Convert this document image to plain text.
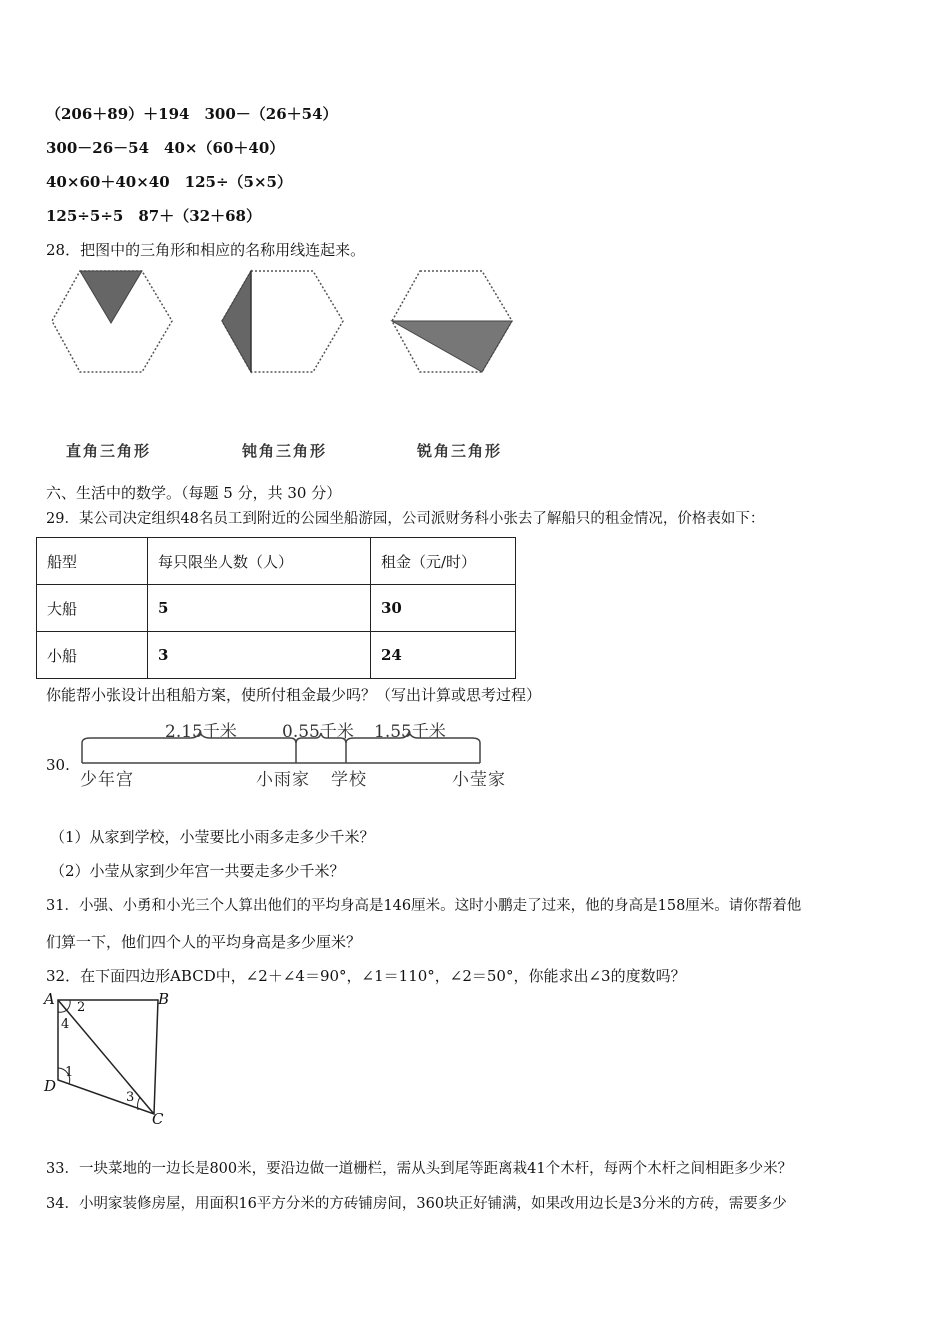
（206＋89）＋194　300－（26＋54）
300－26－54　40×（60＋40）
40×60＋40×40　125÷（5×5）
125÷5÷5　87＋（32＋68）
28．把图中的三角形和相应的名称用线连起来。
直角三角形	钝角三角形	锐角三角形
六、生活中的数学。（每题 5 分，共 30 分）
29．某公司决定组织48名员工到附近的公园坐船游园，公司派财务科小张去了解船只的租金情况，价格表如下：
船型	每只限坐人数（人）	租金（元/时）
大船	5	30
小船	3	24
你能帮小张设计出租船方案，使所付租金最少吗？（写出计算或思考过程）
30.
2.15千米	0.55千米 1.55千米
少年宫	小雨家 学校	小莹家
（1）从家到学校，小莹要比小雨多走多少千米？
（2）小莹从家到少年宫一共要走多少千米？
31．小强、小勇和小光三个人算出他们的平均身高是146厘米。这时小鹏走了过来，他的身高是158厘米。请你帮着他
们算一下，他们四个人的平均身高是多少厘米？
32．在下面四边形ABCD中，∠2＋∠4＝90°，∠1＝110°，∠2＝50°，你能求出∠3的度数吗？
A	B
C
D
1
2
3
4
33．一块菜地的一边长是800米，要沿边做一道栅栏，需从头到尾等距离栽41个木杆，每两个木杆之间相距多少米？
34．小明家装修房屋，用面积16平方分米的方砖铺房间，360块正好铺满，如果改用边长是3分米的方砖，需要多少
